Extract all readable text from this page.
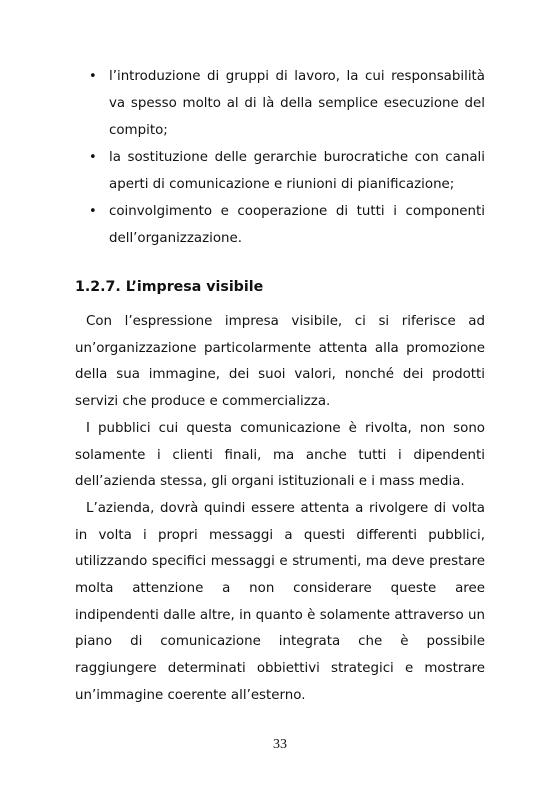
• l’introduzione di gruppi di lavoro, la cui responsabilità va spesso molto al di là della semplice esecuzione del compito;
• la sostituzione delle gerarchie burocratiche con canali aperti di comunicazione e riunioni di pianificazione;
• coinvolgimento e cooperazione di tutti i componenti dell’organizzazione.
1.2.7. L’impresa visibile

Con l’espressione impresa visibile, ci si riferisce ad un’organizzazione particolarmente attenta alla promozione della sua immagine, dei suoi valori, nonché dei prodotti servizi che produce e commercializza.

I pubblici cui questa comunicazione è rivolta, non sono solamente i clienti finali, ma anche tutti i dipendenti dell’azienda stessa, gli organi istituzionali e i mass media.

L’azienda, dovrà quindi essere attenta a rivolgere di volta in volta i propri messaggi a questi differenti pubblici, utilizzando specifici messaggi e strumenti, ma deve prestare molta attenzione a non considerare queste aree indipendenti dalle altre, in quanto è solamente attraverso un piano di comunicazione integrata che è possibile raggiungere determinati obbiettivi strategici e mostrare un’immagine coerente all’esterno.

33
